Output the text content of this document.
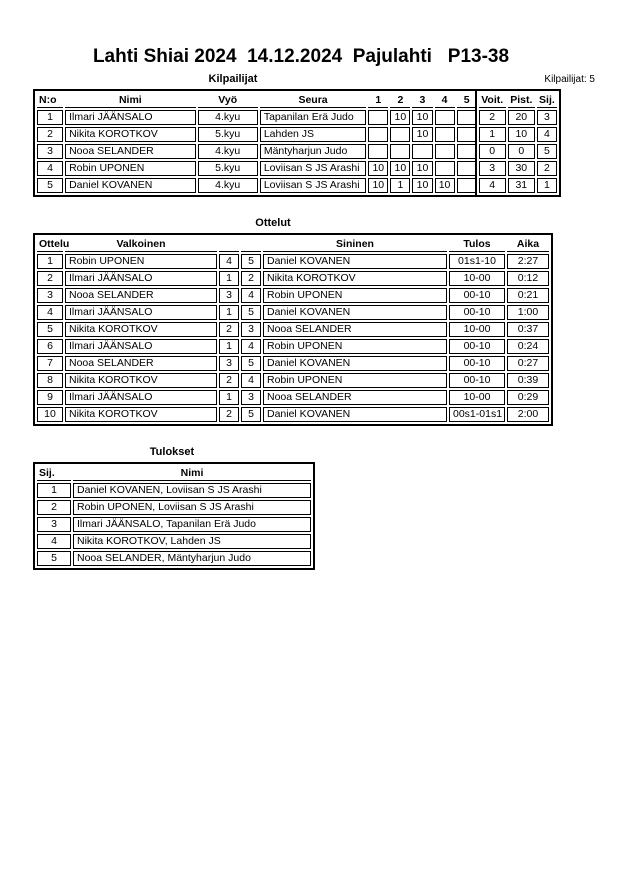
Lahti Shiai 2024  14.12.2024  Pajulahti   P13-38
Kilpailijat	Kilpailijat: 5
N:o	Nimi	Vyö	Seura	1	2	3	4	5	Voit.	Pist.	Sij.
1	Ilmari JÄÄNSALO	4.kyu	Tapanilan Erä Judo		10	10			2	20	3
2	Nikita KOROTKOV	5.kyu	Lahden JS			10			1	10	4
3	Nooa SELANDER	4.kyu	Mäntyharjun Judo						0	0	5
4	Robin UPONEN	5.kyu	Loviisan S JS Arashi	10	10	10			3	30	2
5	Daniel KOVANEN	4.kyu	Loviisan S JS Arashi	10	1	10	10		4	31	1
Ottelut
Ottelu	Valkoinen			Sininen	Tulos	Aika
1	Robin UPONEN	4	5	Daniel KOVANEN	01s1-10	2:27
2	Ilmari JÄÄNSALO	1	2	Nikita KOROTKOV	10-00	0:12
3	Nooa SELANDER	3	4	Robin UPONEN	00-10	0:21
4	Ilmari JÄÄNSALO	1	5	Daniel KOVANEN	00-10	1:00
5	Nikita KOROTKOV	2	3	Nooa SELANDER	10-00	0:37
6	Ilmari JÄÄNSALO	1	4	Robin UPONEN	00-10	0:24
7	Nooa SELANDER	3	5	Daniel KOVANEN	00-10	0:27
8	Nikita KOROTKOV	2	4	Robin UPONEN	00-10	0:39
9	Ilmari JÄÄNSALO	1	3	Nooa SELANDER	10-00	0:29
10	Nikita KOROTKOV	2	5	Daniel KOVANEN	00s1-01s1	2:00
Tulokset
Sij.	Nimi
1	Daniel KOVANEN, Loviisan S JS Arashi
2	Robin UPONEN, Loviisan S JS Arashi
3	Ilmari JÄÄNSALO, Tapanilan Erä Judo
4	Nikita KOROTKOV, Lahden JS
5	Nooa SELANDER, Mäntyharjun Judo
